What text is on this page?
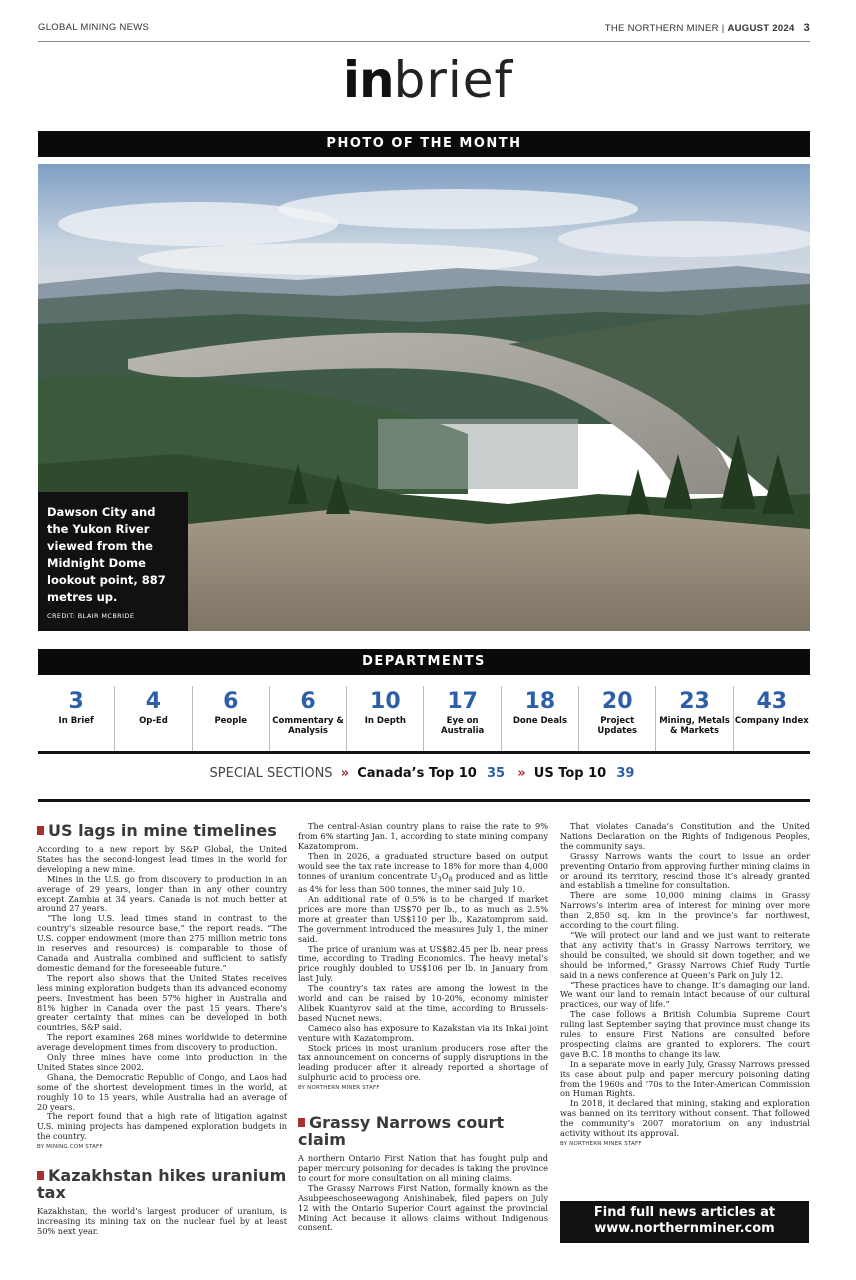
GLOBAL MINING NEWS	THE NORTHERN MINER | AUGUST 2024 3
inbrief
PHOTO OF THE MONTH
Dawson City and the Yukon River viewed from the Midnight Dome lookout point, 887 metres up.
CREDIT: BLAIR MCBRIDE
DEPARTMENTS
3
In Brief
4
Op-Ed
6
People
6
Commentary & Analysis
10
In Depth
17
Eye on Australia
18
Done Deals
20
Project Updates
23
Mining, Metals & Markets
43
Company Index
SPECIAL SECTIONS » Canada’s Top 10 35 » US Top 10 39
US lags in mine timelines

According to a new report by S&P Global, the United States has the second-longest lead times in the world for developing a new mine.

Mines in the U.S. go from discovery to production in an average of 29 years, longer than in any other country except Zambia at 34 years. Canada is not much better at around 27 years.

“The long U.S. lead times stand in contrast to the country’s sizeable resource base,” the report reads. “The U.S. copper endowment (more than 275 million metric tons in reserves and resources) is comparable to those of Canada and Australia combined and sufficient to satisfy domestic demand for the foreseeable future.”

The report also shows that the United States receives less mining exploration budgets than its advanced economy peers. Investment has been 57% higher in Australia and 81% higher in Canada over the past 15 years. There’s greater certainty that mines can be developed in both countries, S&P said.

The report examines 268 mines worldwide to determine average development times from discovery to production.

Only three mines have come into production in the United States since 2002.

Ghana, the Democratic Republic of Congo, and Laos had some of the shortest development times in the world, at roughly 10 to 15 years, while Australia had an average of 20 years.

The report found that a high rate of litigation against U.S. mining projects has dampened exploration budgets in the country.

BY MINING.COM STAFF
Kazakhstan hikes uranium tax

Kazakhstan, the world’s largest producer of uranium, is increasing its mining tax on the nuclear fuel by at least 50% next year.

The central-Asian country plans to raise the rate to 9% from 6% starting Jan. 1, according to state mining company Kazatomprom.

Then in 2026, a graduated structure based on output would see the tax rate increase to 18% for more than 4,000 tonnes of uranium concentrate $U_3O_8$ produced and as little as 4% for less than 500 tonnes, the miner said July 10.

An additional rate of 0.5% is to be charged if market prices are more than US$70 per lb., to as much as 2.5% more at greater than US$110 per lb., Kazatomprom said. The government introduced the measures July 1, the miner said.

The price of uranium was at US$82.45 per lb. near press time, according to Trading Economics. The heavy metal’s price roughly doubled to US$106 per lb. in January from last July.

The country’s tax rates are among the lowest in the world and can be raised by 10-20%, economy minister Alibek Kuantyrov said at the time, according to Brussels-based Nucnet news.

Cameco also has exposure to Kazakstan via its Inkai joint venture with Kazatomprom.

Stock prices in most uranium producers rose after the tax announcement on concerns of supply disruptions in the leading producer after it already reported a shortage of sulphuric acid to process ore.

BY NORTHERN MINER STAFF
Grassy Narrows court claim

A northern Ontario First Nation that has fought pulp and paper mercury poisoning for decades is taking the province to court for more consultation on all mining claims.

The Grassy Narrows First Nation, formally known as the Asubpeeschoseewagong Anishinabek, filed papers on July 12 with the Ontario Superior Court against the provincial Mining Act because it allows claims without Indigenous consent.

That violates Canada’s Constitution and the United Nations Declaration on the Rights of Indigenous Peoples, the community says.

Grassy Narrows wants the court to issue an order preventing Ontario from approving further mining claims in or around its territory, rescind those it’s already granted and establish a timeline for consultation.

There are some 10,000 mining claims in Grassy Narrows’s interim area of interest for mining over more than 2,850 sq. km in the province’s far northwest, according to the court filing.

“We will protect our land and we just want to reiterate that any activity that’s in Grassy Narrows territory, we should be consulted, we should sit down together, and we should be informed,” Grassy Narrows Chief Rudy Turtle said in a news conference at Queen’s Park on July 12.

“These practices have to change. It’s damaging our land. We want our land to remain intact because of our cultural practices, our way of life.”

The case follows a British Columbia Supreme Court ruling last September saying that province must change its rules to ensure First Nations are consulted before prospecting claims are granted to explorers. The court gave B.C. 18 months to change its law.

In a separate move in early July, Grassy Narrows pressed its case about pulp and paper mercury poisoning dating from the 1960s and ’70s to the Inter-American Commission on Human Rights.

In 2018, it declared that mining, staking and exploration was banned on its territory without consent. That followed the community’s 2007 moratorium on any industrial activity without its approval.

BY NORTHERN MINER STAFF
Find full news articles at
www.northernminer.com
